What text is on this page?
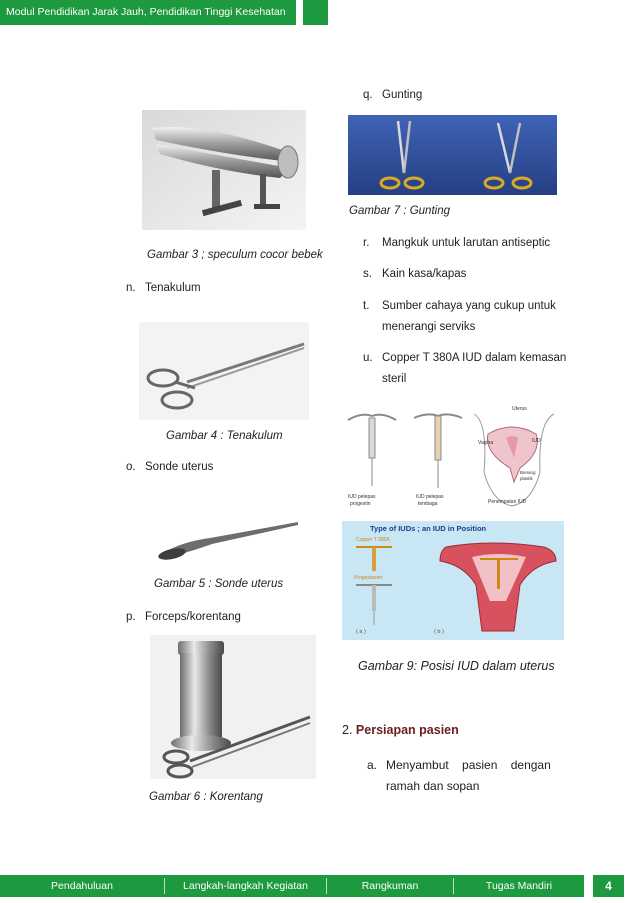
Modul Pendidikan Jarak Jauh, Pendidikan Tinggi Kesehatan
Gambar 3 ; speculum cocor bebek
n. Tenakulum
Gambar 4 : Tenakulum
o. Sonde uterus
Gambar 5 : Sonde uterus
p. Forceps/korentang
Gambar 6 : Korentang
q. Gunting
Gambar 7 : Gunting
r. Mangkuk untuk larutan antiseptic
s. Kain kasa/kapas
t. Sumber cahaya yang cukup untuk
menerangi serviks
u. Copper T 380A IUD dalam kemasan
steril
Uterus
Vagina	IUD
Benang
plastik
IUD pelepas
progestin
IUD pelepas
tembaga	Penempatan IUD
Type of IUDs ; an IUD in Position
Copper T 380A
Progestasert
( a )	( b )
Gambar 9: Posisi IUD dalam uterus
2. Persiapan pasien
a. Menyambut    pasien    dengan
ramah dan sopan
Pendahuluan	Langkah-langkah Kegiatan	Rangkuman	Tugas Mandiri	4
